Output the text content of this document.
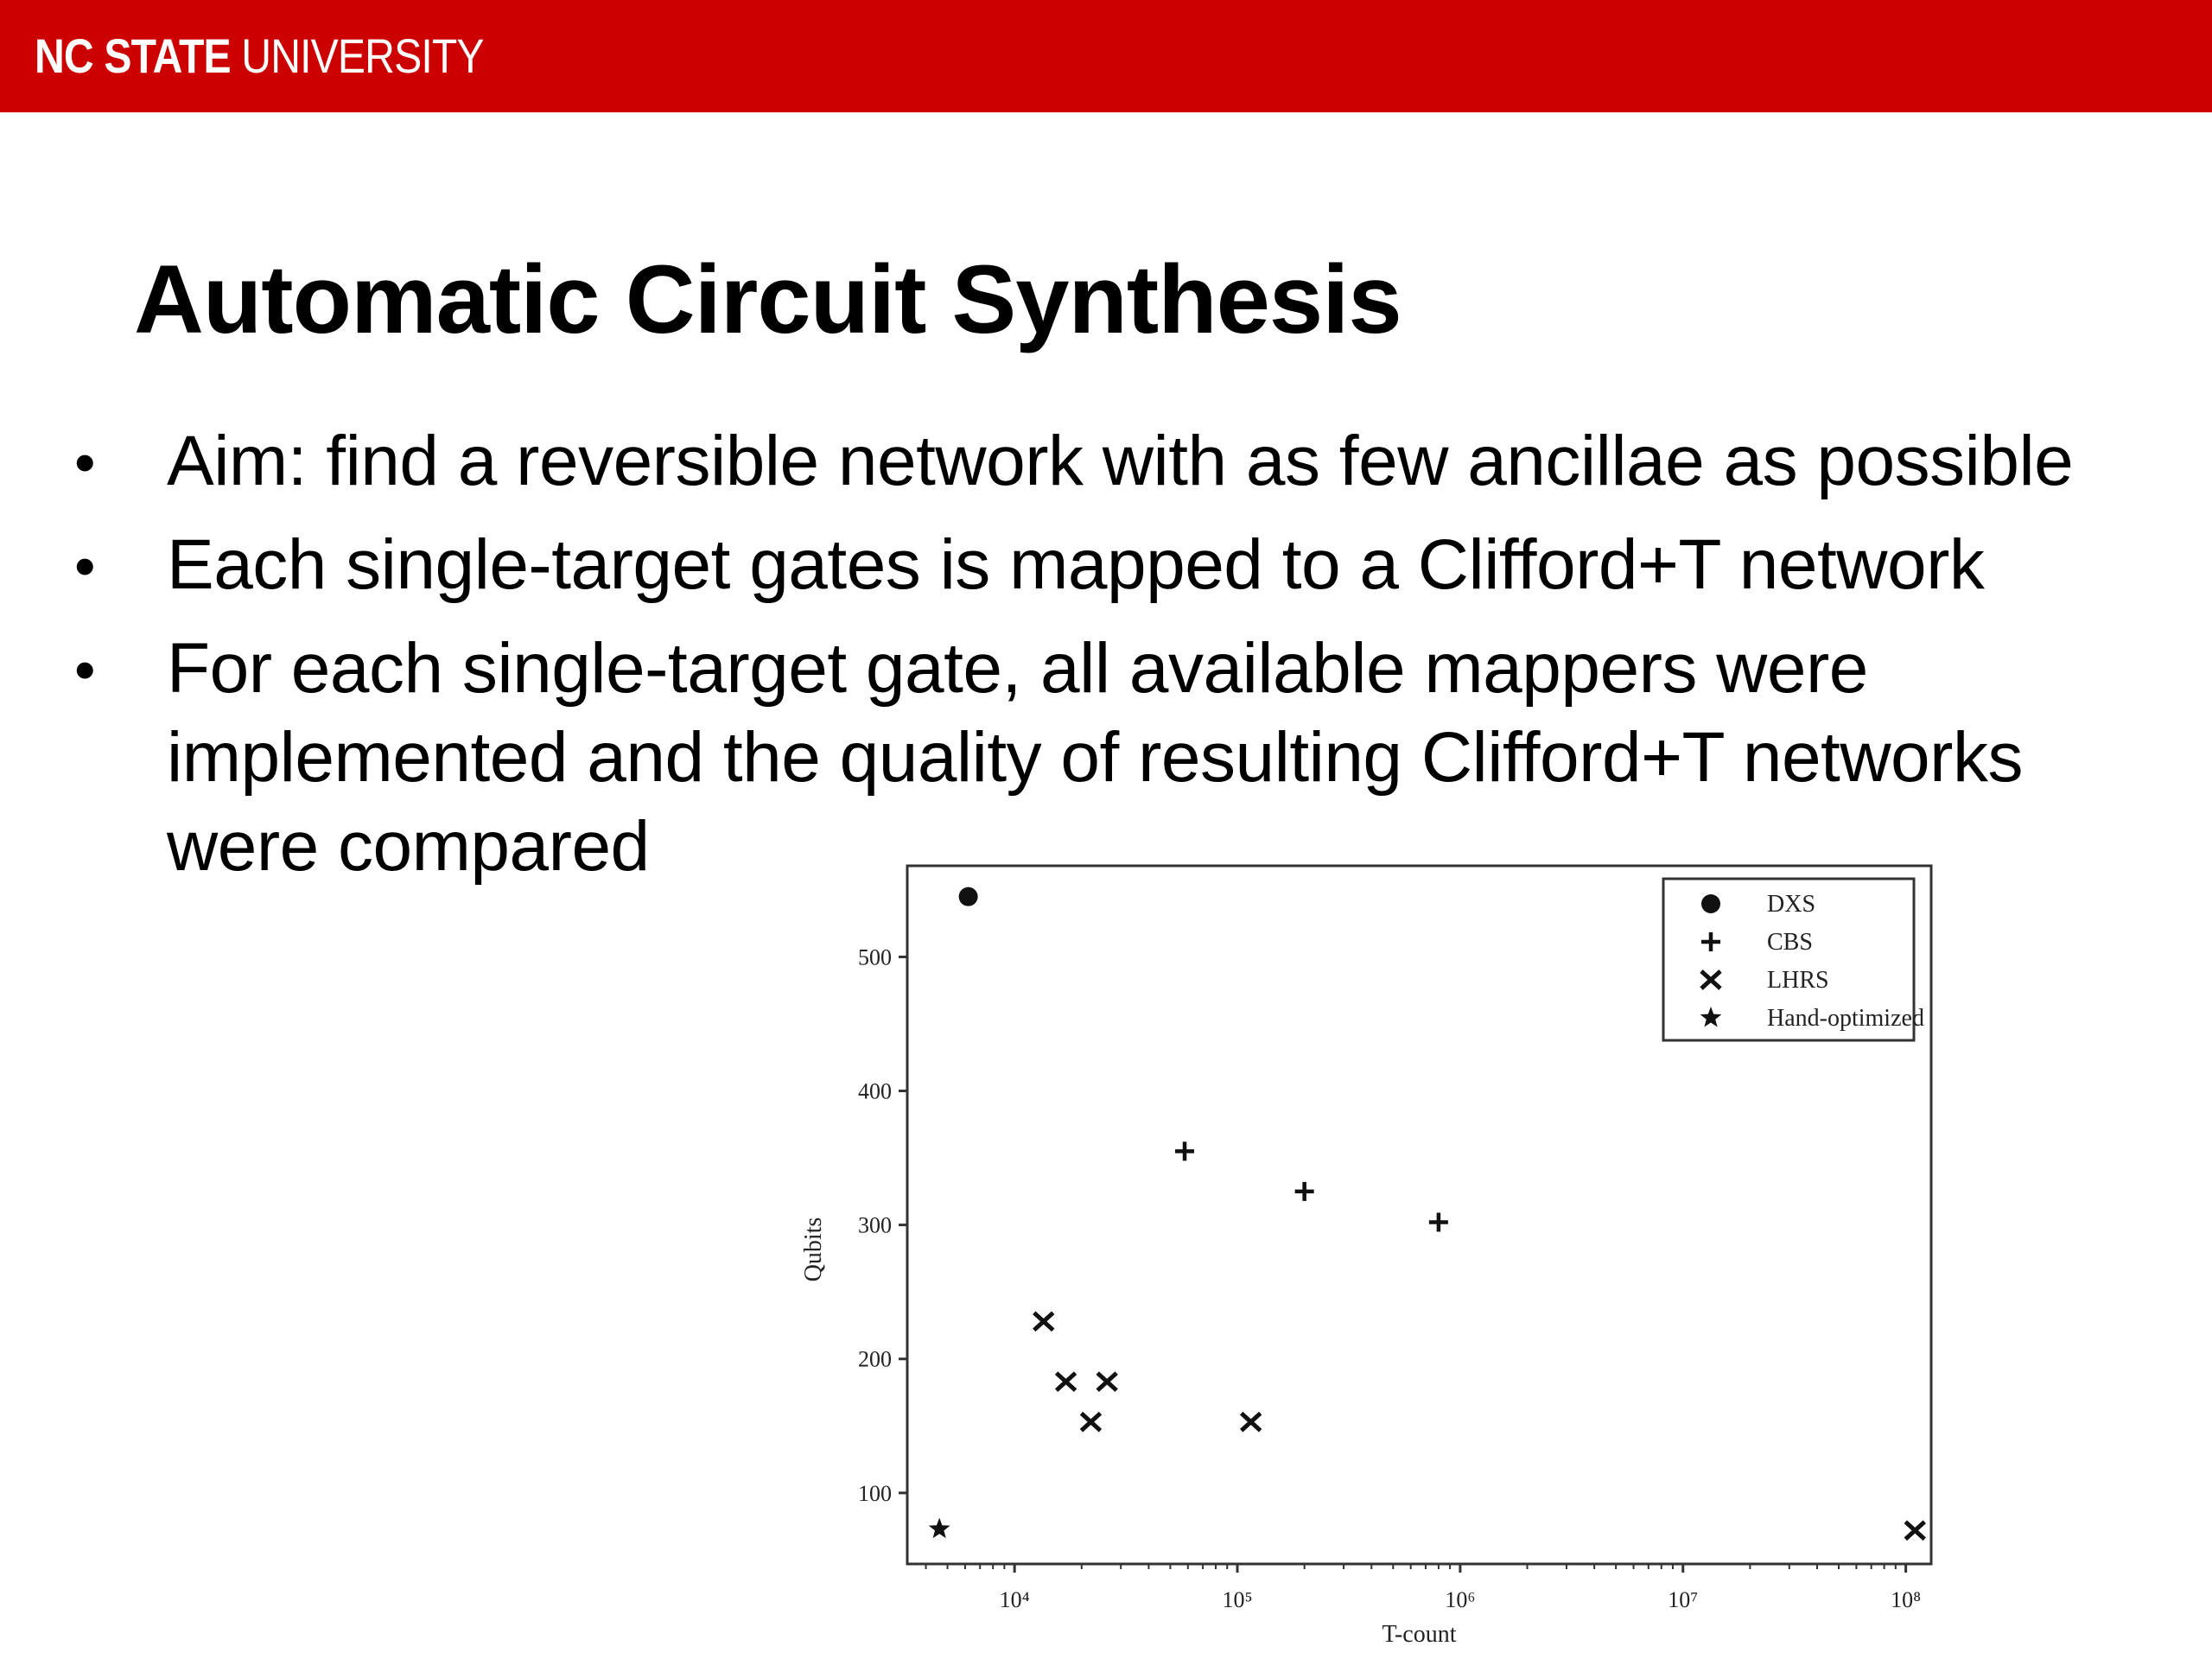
NC STATE UNIVERSITY
Automatic Circuit Synthesis
• Aim: find a reversible network with as few ancillae as possible
• Each single-target gates is mapped to a Clifford+T network
• For each single-target gate, all available mappers were
implemented and the quality of resulting Clifford+T networks
were compared
10⁴	10⁵	10⁶	10⁷	10⁸
100
200
300
400
500
T-count
Qubits
DXS
CBS
LHRS
Hand-optimized
